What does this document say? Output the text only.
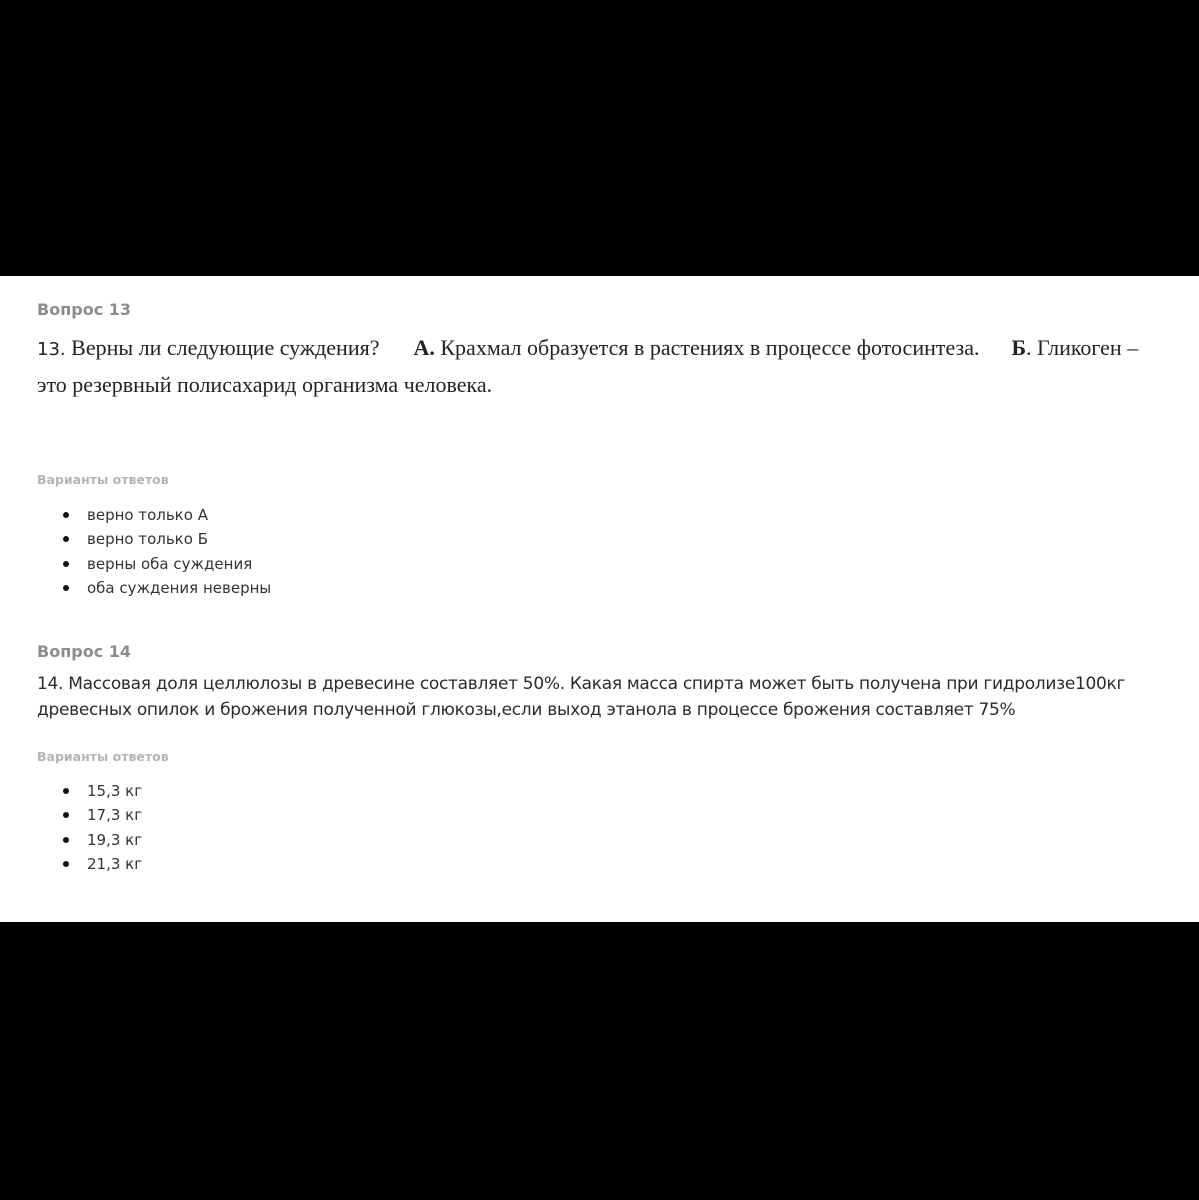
Вопрос 13
13. Верны ли следующие суждения? А. Крахмал образуется в растениях в процессе фотосинтеза. Б. Гликоген – это резервный полисахарид организма человека.
Варианты ответов
верно только А
верно только Б
верны оба суждения
оба суждения неверны
Вопрос 14
14. Массовая доля целлюлозы в древесине составляет 50%. Какая масса спирта может быть получена при гидролизе100кг древесных опилок и брожения полученной глюкозы,если выход этанола в процессе брожения составляет 75%
Варианты ответов
15,3 кг
17,3 кг
19,3 кг
21,3 кг
